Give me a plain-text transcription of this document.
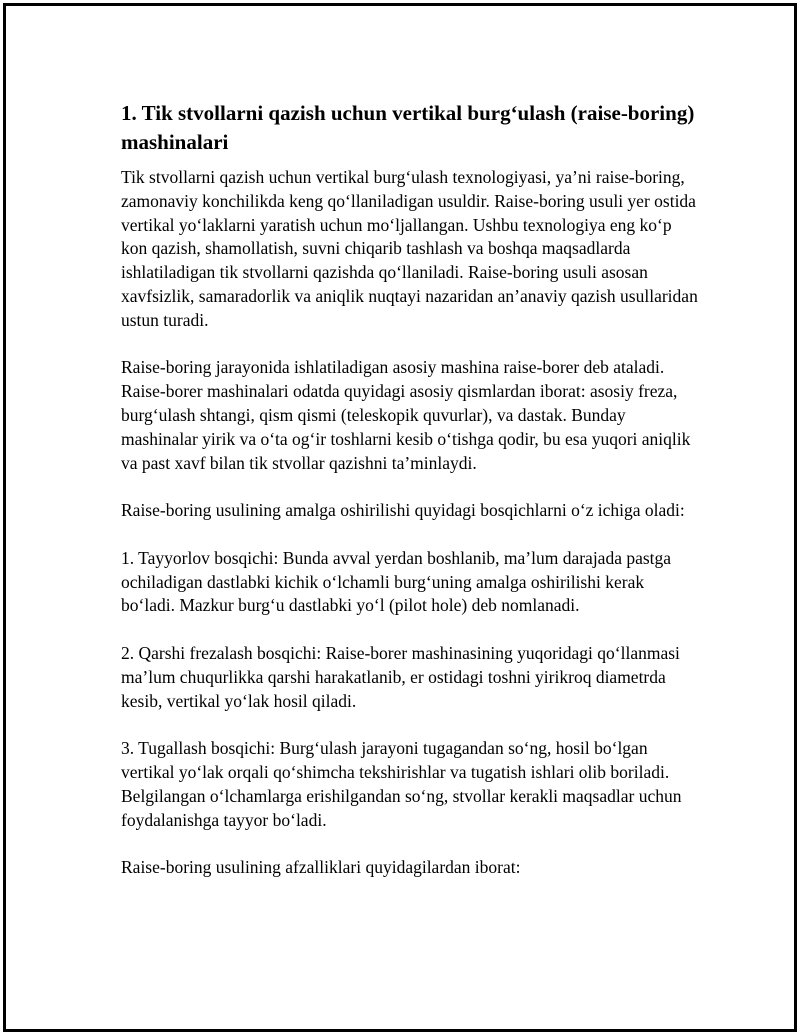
1. Tik stvollarni qazish uchun vertikal burg‘ulash (raise-boring) mashinalari

Tik stvollarni qazish uchun vertikal burg‘ulash texnologiyasi, ya’ni raise-boring, zamonaviy konchilikda keng qo‘llaniladigan usuldir. Raise-boring usuli yer ostida vertikal yo‘laklarni yaratish uchun mo‘ljallangan. Ushbu texnologiya eng ko‘p kon qazish, shamollatish, suvni chiqarib tashlash va boshqa maqsadlarda ishlatiladigan tik stvollarni qazishda qo‘llaniladi. Raise-boring usuli asosan xavfsizlik, samaradorlik va aniqlik nuqtayi nazaridan an’anaviy qazish usullaridan ustun turadi.

Raise-boring jarayonida ishlatiladigan asosiy mashina raise-borer deb ataladi. Raise-borer mashinalari odatda quyidagi asosiy qismlardan iborat: asosiy freza, burg‘ulash shtangi, qism qismi (teleskopik quvurlar), va dastak. Bunday mashinalar yirik va o‘ta og‘ir toshlarni kesib o‘tishga qodir, bu esa yuqori aniqlik va past xavf bilan tik stvollar qazishni ta’minlaydi.

Raise-boring usulining amalga oshirilishi quyidagi bosqichlarni o‘z ichiga oladi:

1. Tayyorlov bosqichi: Bunda avval yerdan boshlanib, ma’lum darajada pastga ochiladigan dastlabki kichik o‘lchamli burg‘uning amalga oshirilishi kerak bo‘ladi. Mazkur burg‘u dastlabki yo‘l (pilot hole) deb nomlanadi.

2. Qarshi frezalash bosqichi: Raise-borer mashinasining yuqoridagi qo‘llanmasi ma’lum chuqurlikka qarshi harakatlanib, er ostidagi toshni yirikroq diametrda kesib, vertikal yo‘lak hosil qiladi.

3. Tugallash bosqichi: Burg‘ulash jarayoni tugagandan so‘ng, hosil bo‘lgan vertikal yo‘lak orqali qo‘shimcha tekshirishlar va tugatish ishlari olib boriladi. Belgilangan o‘lchamlarga erishilgandan so‘ng, stvollar kerakli maqsadlar uchun foydalanishga tayyor bo‘ladi.

Raise-boring usulining afzalliklari quyidagilardan iborat:
